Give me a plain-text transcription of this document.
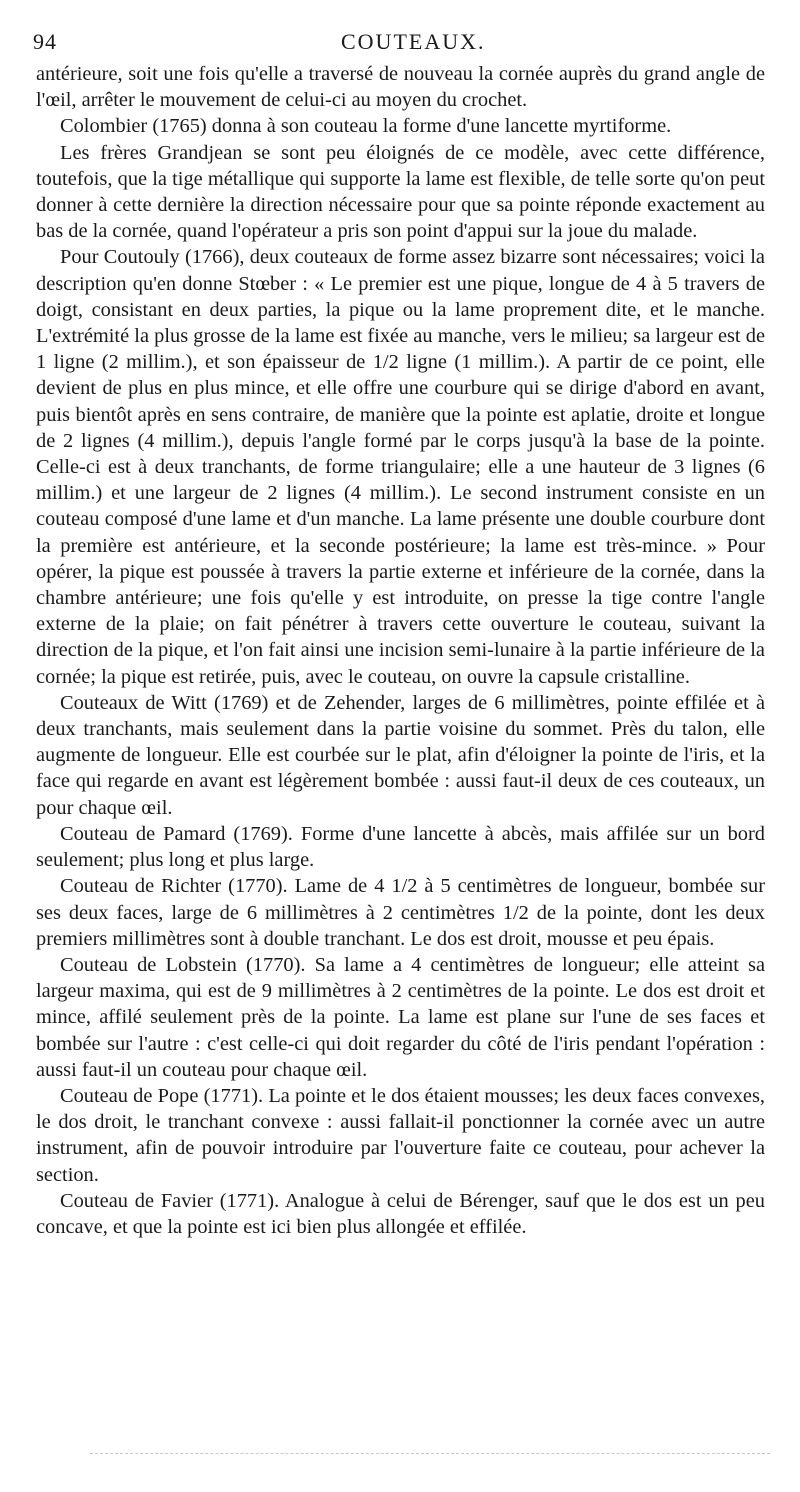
94	COUTEAUX.

antérieure, soit une fois qu'elle a traversé de nouveau la cornée auprès du grand angle de l'œil, arrêter le mouvement de celui-ci au moyen du crochet.

Colombier (1765) donna à son couteau la forme d'une lancette myrtiforme.

Les frères Grandjean se sont peu éloignés de ce modèle, avec cette différence, toutefois, que la tige métallique qui supporte la lame est flexible, de telle sorte qu'on peut donner à cette dernière la direction nécessaire pour que sa pointe réponde exactement au bas de la cornée, quand l'opérateur a pris son point d'appui sur la joue du malade.

Pour Coutouly (1766), deux couteaux de forme assez bizarre sont nécessaires; voici la description qu'en donne Stœber : « Le premier est une pique, longue de 4 à 5 travers de doigt, consistant en deux parties, la pique ou la lame proprement dite, et le manche. L'extrémité la plus grosse de la lame est fixée au manche, vers le milieu; sa largeur est de 1 ligne (2 millim.), et son épaisseur de 1/2 ligne (1 millim.). A partir de ce point, elle devient de plus en plus mince, et elle offre une courbure qui se dirige d'abord en avant, puis bientôt après en sens contraire, de manière que la pointe est aplatie, droite et longue de 2 lignes (4 millim.), depuis l'angle formé par le corps jusqu'à la base de la pointe. Celle-ci est à deux tranchants, de forme triangulaire; elle a une hauteur de 3 lignes (6 millim.) et une largeur de 2 lignes (4 millim.). Le second instrument consiste en un couteau composé d'une lame et d'un manche. La lame présente une double courbure dont la première est antérieure, et la seconde postérieure; la lame est très-mince. » Pour opérer, la pique est poussée à travers la partie externe et inférieure de la cornée, dans la chambre antérieure; une fois qu'elle y est introduite, on presse la tige contre l'angle externe de la plaie; on fait pénétrer à travers cette ouverture le couteau, suivant la direction de la pique, et l'on fait ainsi une incision semi-lunaire à la partie inférieure de la cornée; la pique est retirée, puis, avec le couteau, on ouvre la capsule cristalline.

Couteaux de Witt (1769) et de Zehender, larges de 6 millimètres, pointe effilée et à deux tranchants, mais seulement dans la partie voisine du sommet. Près du talon, elle augmente de longueur. Elle est courbée sur le plat, afin d'éloigner la pointe de l'iris, et la face qui regarde en avant est légèrement bombée : aussi faut-il deux de ces couteaux, un pour chaque œil.

Couteau de Pamard (1769). Forme d'une lancette à abcès, mais affilée sur un bord seulement; plus long et plus large.

Couteau de Richter (1770). Lame de 4 1/2 à 5 centimètres de longueur, bombée sur ses deux faces, large de 6 millimètres à 2 centimètres 1/2 de la pointe, dont les deux premiers millimètres sont à double tranchant. Le dos est droit, mousse et peu épais.

Couteau de Lobstein (1770). Sa lame a 4 centimètres de longueur; elle atteint sa largeur maxima, qui est de 9 millimètres à 2 centimètres de la pointe. Le dos est droit et mince, affilé seulement près de la pointe. La lame est plane sur l'une de ses faces et bombée sur l'autre : c'est celle-ci qui doit regarder du côté de l'iris pendant l'opération : aussi faut-il un couteau pour chaque œil.

Couteau de Pope (1771). La pointe et le dos étaient mousses; les deux faces convexes, le dos droit, le tranchant convexe : aussi fallait-il ponctionner la cornée avec un autre instrument, afin de pouvoir introduire par l'ouverture faite ce couteau, pour achever la section.

Couteau de Favier (1771). Analogue à celui de Bérenger, sauf que le dos est un peu concave, et que la pointe est ici bien plus allongée et effilée.
